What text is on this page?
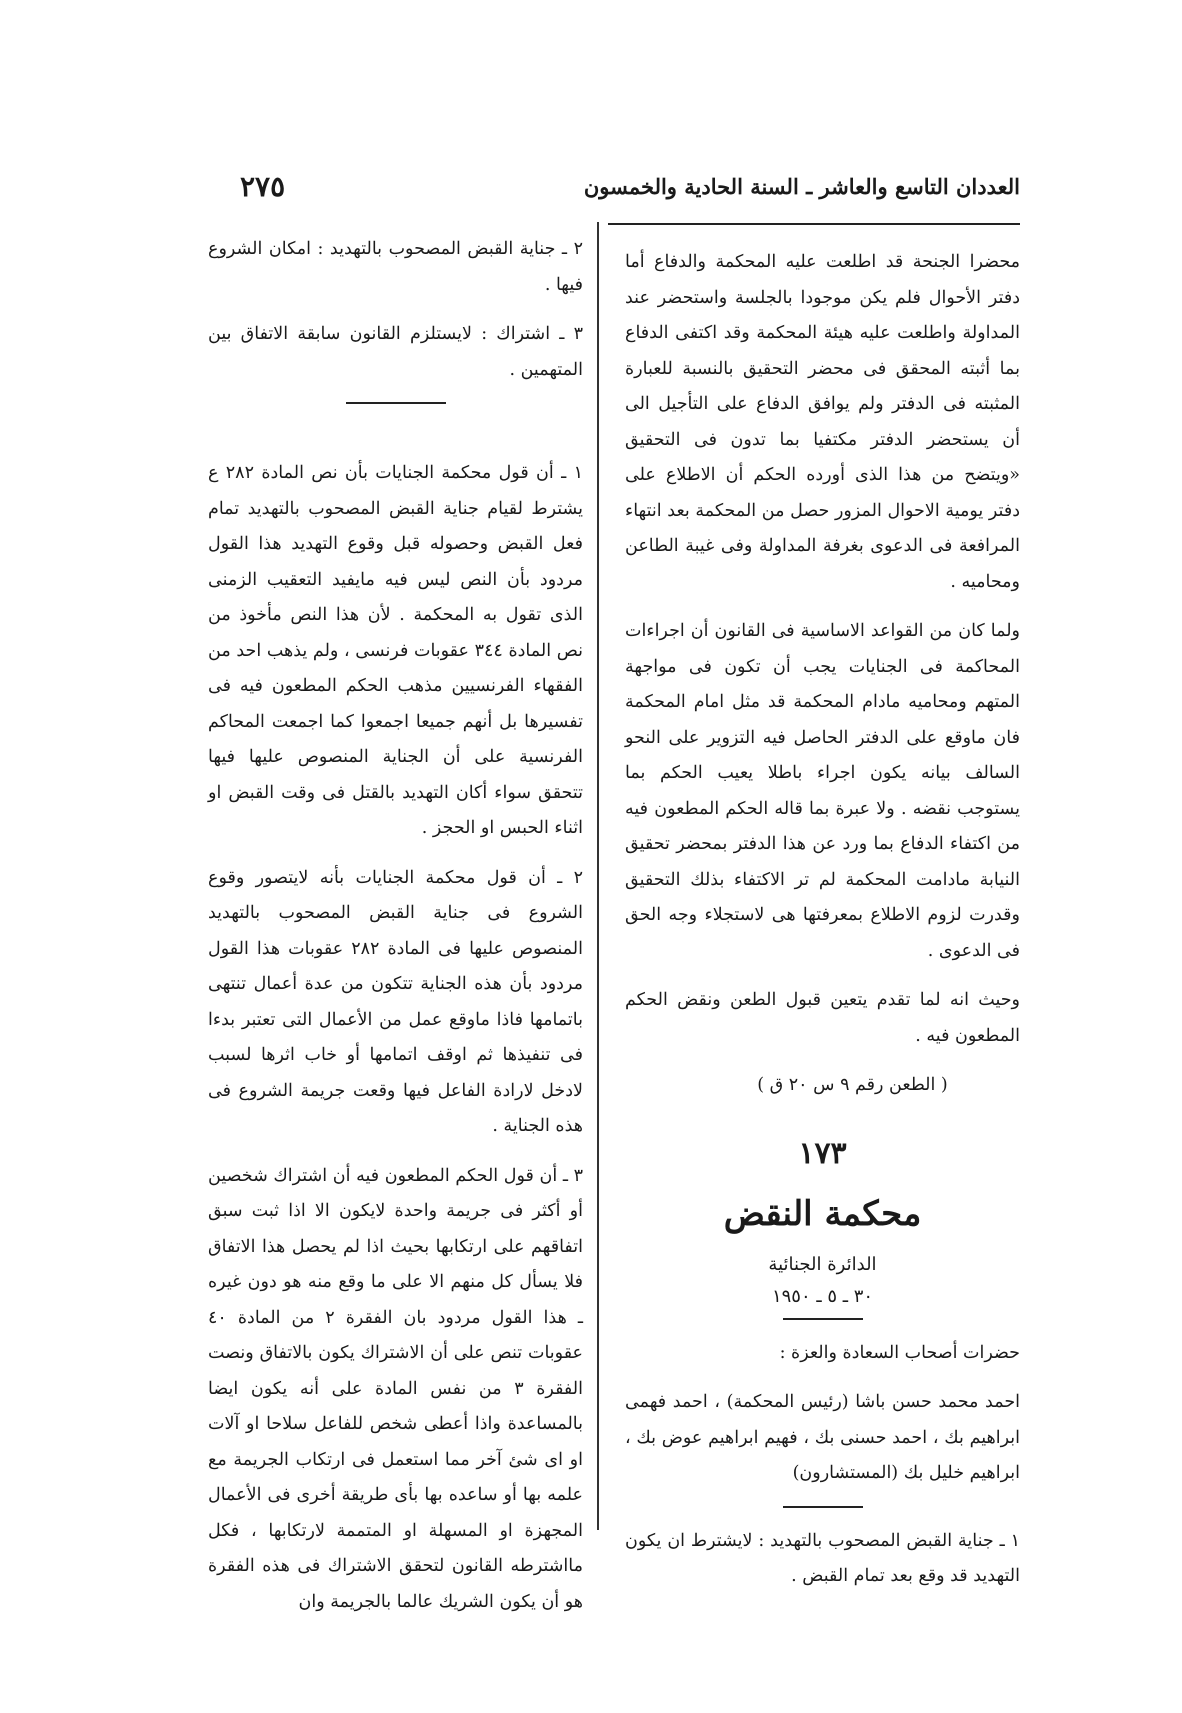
العددان التاسع والعاشر ـ السنة الحادية والخمسون
٢٧٥

محضرا الجنحة قد اطلعت عليه المحكمة والدفاع أما دفتر الأحوال فلم يكن موجودا بالجلسة واستحضر عند المداولة واطلعت عليه هيئة المحكمة وقد اكتفى الدفاع بما أثبته المحقق فى محضر التحقيق بالنسبة للعبارة المثبته فى الدفتر ولم يوافق الدفاع على التأجيل الى أن يستحضر الدفتر مكتفيا بما تدون فى التحقيق «ويتضح من هذا الذى أورده الحكم أن الاطلاع على دفتر يومية الاحوال المزور حصل من المحكمة بعد انتهاء المرافعة فى الدعوى بغرفة المداولة وفى غيبة الطاعن ومحاميه .

ولما كان من القواعد الاساسية فى القانون أن اجراءات المحاكمة فى الجنايات يجب أن تكون فى مواجهة المتهم ومحاميه مادام المحكمة قد مثل امام المحكمة فان ماوقع على الدفتر الحاصل فيه التزوير على النحو السالف بيانه يكون اجراء باطلا يعيب الحكم بما يستوجب نقضه . ولا عبرة بما قاله الحكم المطعون فيه من اكتفاء الدفاع بما ورد عن هذا الدفتر بمحضر تحقيق النيابة مادامت المحكمة لم تر الاكتفاء بذلك التحقيق وقدرت لزوم الاطلاع بمعرفتها هى لاستجلاء وجه الحق فى الدعوى .

وحيث انه لما تقدم يتعين قبول الطعن ونقض الحكم المطعون فيه .

( الطعن رقم ٩ س ٢٠ ق )

١٧٣
محكمة النقض
الدائرة الجنائية
٣٠ ـ ٥ ـ ١٩٥٠

حضرات أصحاب السعادة والعزة :

احمد محمد حسن باشا (رئيس المحكمة) ، احمد فهمى ابراهيم بك ، احمد حسنى بك ، فهيم ابراهيم عوض بك ، ابراهيم خليل بك (المستشارون)

١ ـ جناية القبض المصحوب بالتهديد : لايشترط ان يكون التهديد قد وقع بعد تمام القبض .

٢ ـ جناية القبض المصحوب بالتهديد : امكان الشروع فيها .

٣ ـ اشتراك : لايستلزم القانون سابقة الاتفاق بين المتهمين .

١ ـ أن قول محكمة الجنايات بأن نص المادة ٢٨٢ ع يشترط لقيام جناية القبض المصحوب بالتهديد تمام فعل القبض وحصوله قبل وقوع التهديد هذا القول مردود بأن النص ليس فيه مايفيد التعقيب الزمنى الذى تقول به المحكمة . لأن هذا النص مأخوذ من نص المادة ٣٤٤ عقوبات فرنسى ، ولم يذهب احد من الفقهاء الفرنسيين مذهب الحكم المطعون فيه فى تفسيرها بل أنهم جميعا اجمعوا كما اجمعت المحاكم الفرنسية على أن الجناية المنصوص عليها فيها تتحقق سواء أكان التهديد بالقتل فى وقت القبض او اثناء الحبس او الحجز .

٢ ـ أن قول محكمة الجنايات بأنه لايتصور وقوع الشروع فى جناية القبض المصحوب بالتهديد المنصوص عليها فى المادة ٢٨٢ عقوبات هذا القول مردود بأن هذه الجناية تتكون من عدة أعمال تنتهى باتمامها فاذا ماوقع عمل من الأعمال التى تعتبر بدءا فى تنفيذها ثم اوقف اتمامها أو خاب اثرها لسبب لادخل لارادة الفاعل فيها وقعت جريمة الشروع فى هذه الجناية .

٣ ـ أن قول الحكم المطعون فيه أن اشتراك شخصين أو أكثر فى جريمة واحدة لايكون الا اذا ثبت سبق اتفاقهم على ارتكابها بحيث اذا لم يحصل هذا الاتفاق فلا يسأل كل منهم الا على ما وقع منه هو دون غيره ـ هذا القول مردود بان الفقرة ٢ من المادة ٤٠ عقوبات تنص على أن الاشتراك يكون بالاتفاق ونصت الفقرة ٣ من نفس المادة على أنه يكون ايضا بالمساعدة واذا أعطى شخص للفاعل سلاحا او آلات او اى شئ آخر مما استعمل فى ارتكاب الجريمة مع علمه بها أو ساعده بها بأى طريقة أخرى فى الأعمال المجهزة او المسهلة او المتممة لارتكابها ، فكل مااشترطه القانون لتحقق الاشتراك فى هذه الفقرة هو أن يكون الشريك عالما بالجريمة وان
